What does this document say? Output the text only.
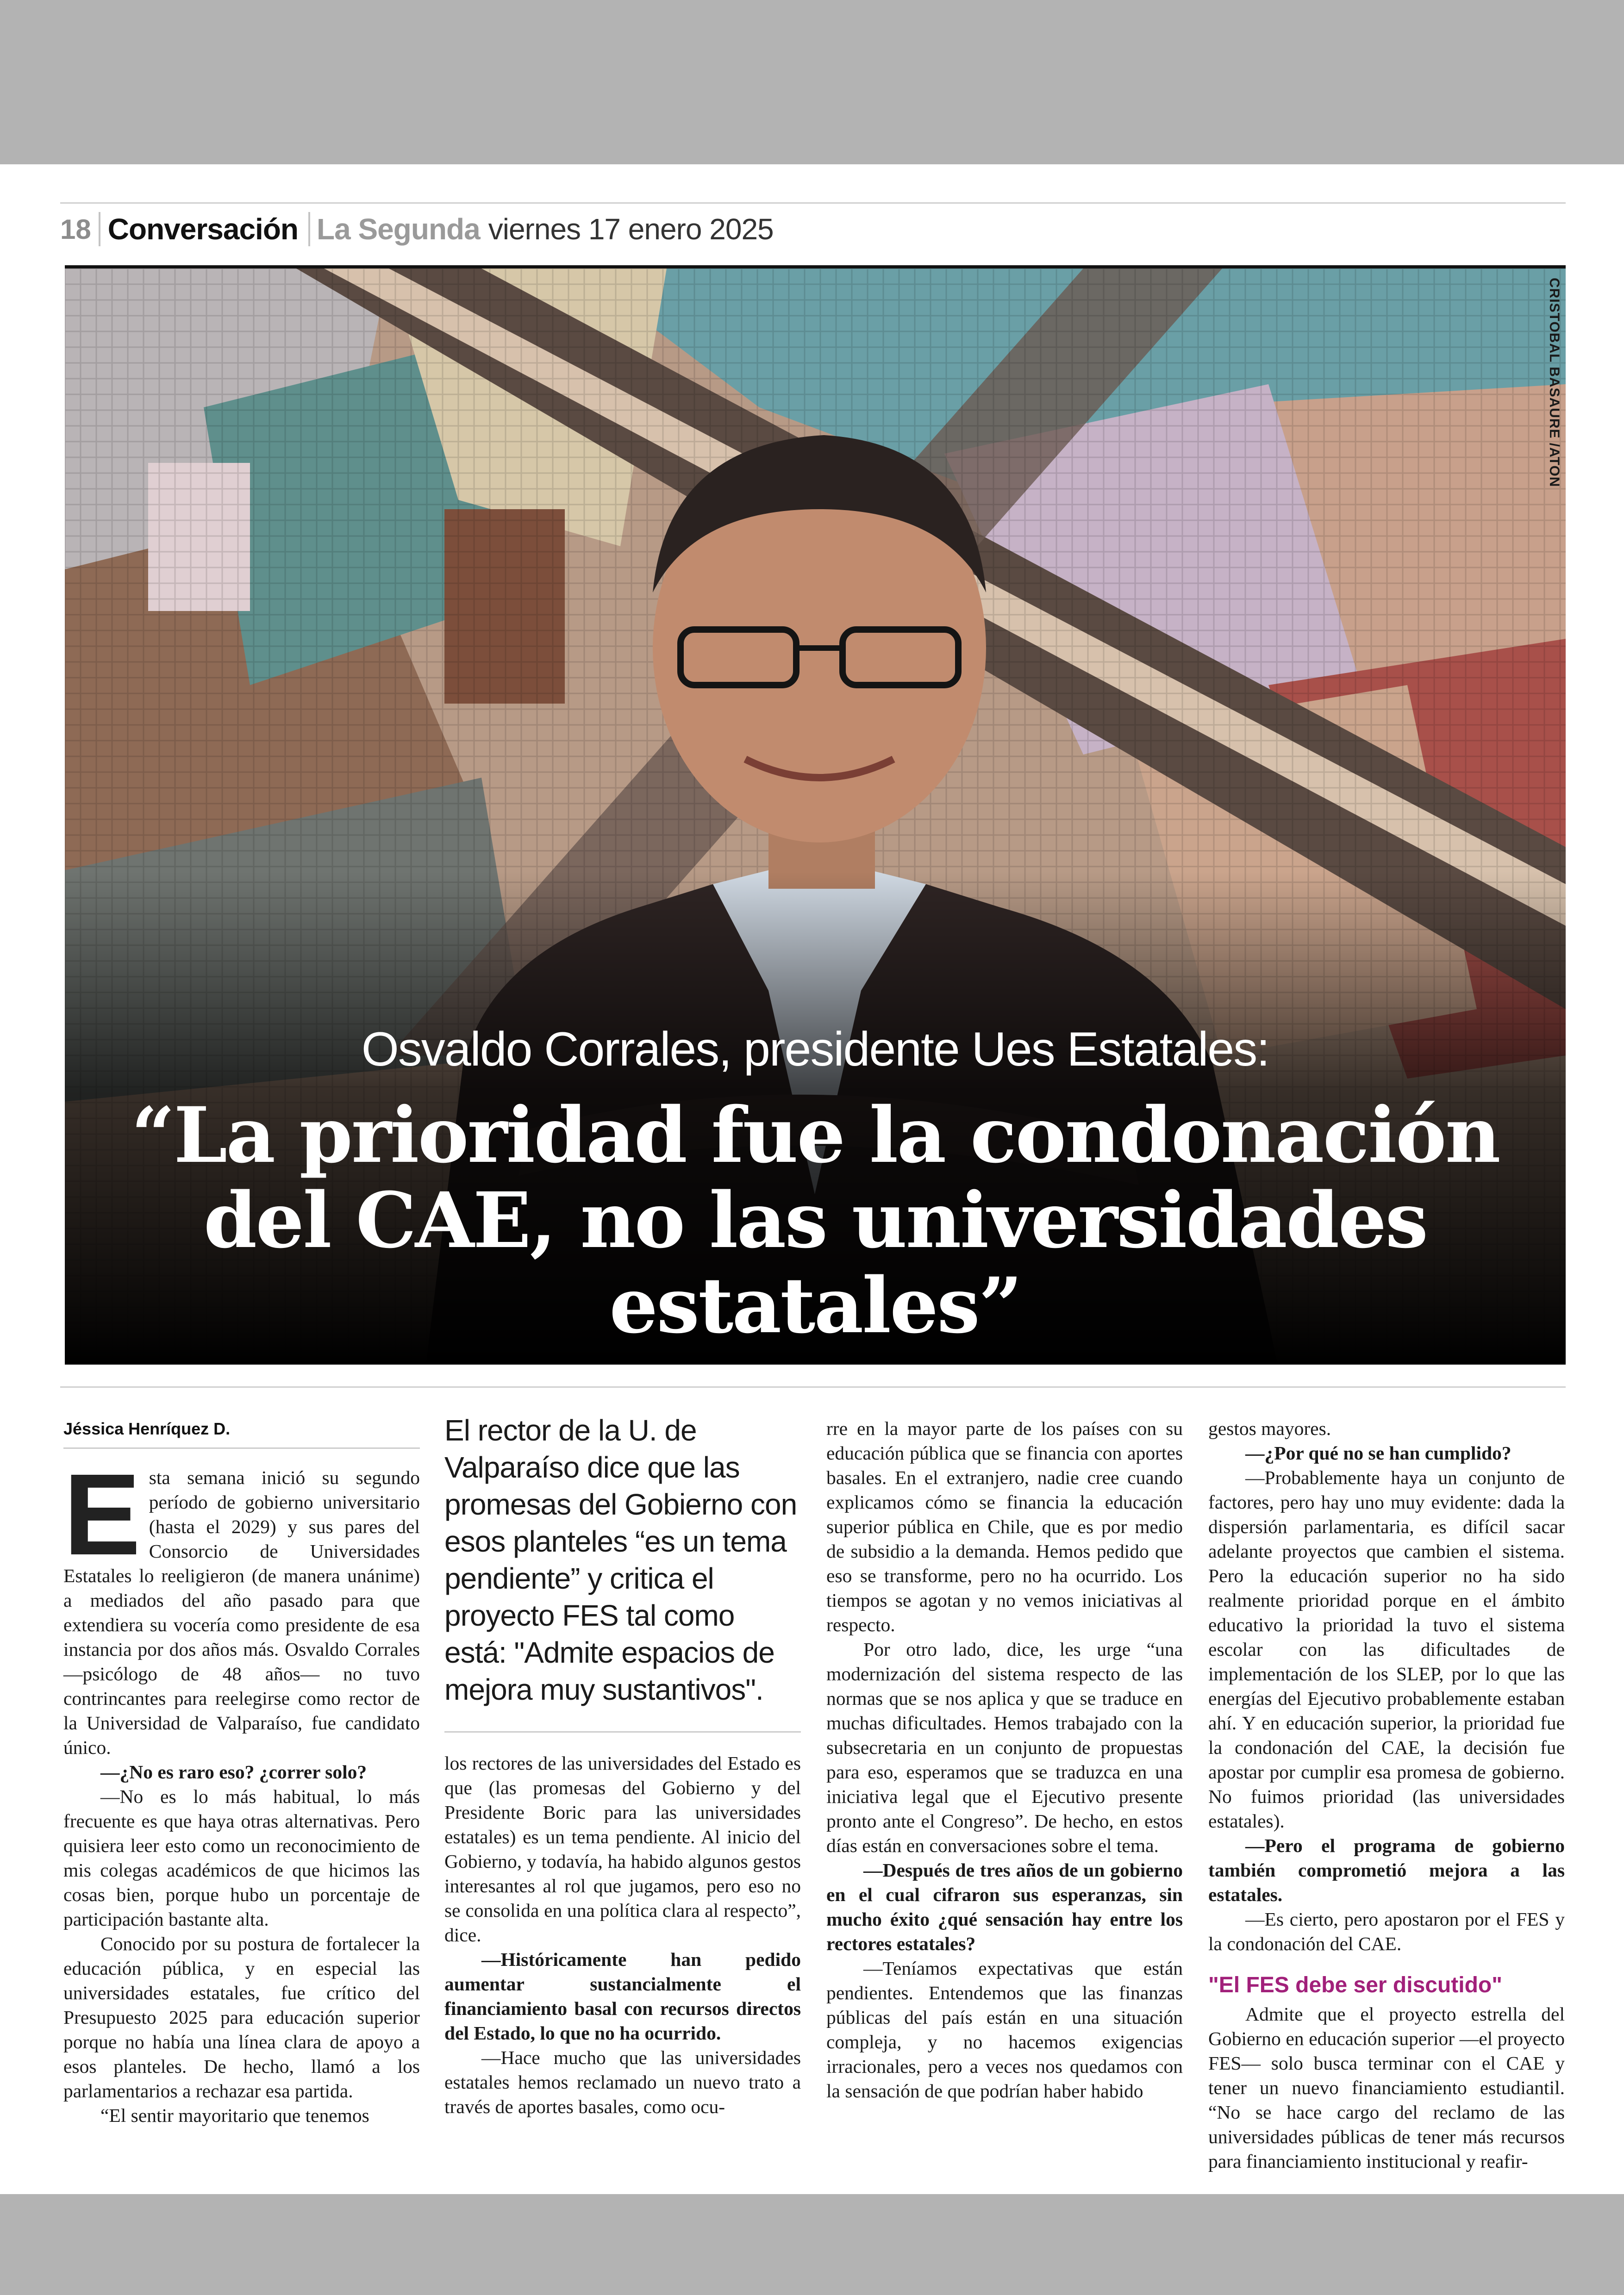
18 Conversación La Segunda viernes 17 enero 2025
CRISTOBAL BASAURE /ATON
Osvaldo Corrales, presidente Ues Estatales:
“La prioridad fue la condonación del CAE, no las universidades estatales”
Jéssica Henríquez D.

Esta semana inició su segundo período de gobierno universitario (hasta el 2029) y sus pares del Consorcio de Universidades Estatales lo reeligieron (de manera unánime) a mediados del año pasado para que extendiera su vocería como presidente de esa instancia por dos años más. Osvaldo Corrales —psicólogo de 48 años— no tuvo contrincantes para reelegirse como rector de la Universidad de Valparaíso, fue candidato único.

—¿No es raro eso? ¿correr solo?

—No es lo más habitual, lo más frecuente es que haya otras alternativas. Pero quisiera leer esto como un reconocimiento de mis colegas académicos de que hicimos las cosas bien, porque hubo un porcentaje de participación bastante alta.

Conocido por su postura de fortalecer la educación pública, y en especial las universidades estatales, fue crítico del Presupuesto 2025 para educación superior porque no había una línea clara de apoyo a esos planteles. De hecho, llamó a los parlamentarios a rechazar esa partida.

“El sentir mayoritario que tenemos

El rector de la U. de Valparaíso dice que las promesas del Gobierno con esos planteles “es un tema pendiente” y critica el proyecto FES tal como está: "Admite espacios de mejora muy sustantivos".

los rectores de las universidades del Estado es que (las promesas del Gobierno y del Presidente Boric para las universidades estatales) es un tema pendiente. Al inicio del Gobierno, y todavía, ha habido algunos gestos interesantes al rol que jugamos, pero eso no se consolida en una política clara al respecto”, dice.

—Históricamente han pedido aumentar sustancialmente el financiamiento basal con recursos directos del Estado, lo que no ha ocurrido.

—Hace mucho que las universidades estatales hemos reclamado un nuevo trato a través de aportes basales, como ocu-

rre en la mayor parte de los países con su educación pública que se financia con aportes basales. En el extranjero, nadie cree cuando explicamos cómo se financia la educación superior pública en Chile, que es por medio de subsidio a la demanda. Hemos pedido que eso se transforme, pero no ha ocurrido. Los tiempos se agotan y no vemos iniciativas al respecto.

Por otro lado, dice, les urge “una modernización del sistema respecto de las normas que se nos aplica y que se traduce en muchas dificultades. Hemos trabajado con la subsecretaria en un conjunto de propuestas para eso, esperamos que se traduzca en una iniciativa legal que el Ejecutivo presente pronto ante el Congreso”. De hecho, en estos días están en conversaciones sobre el tema.

—Después de tres años de un gobierno en el cual cifraron sus esperanzas, sin mucho éxito ¿qué sensación hay entre los rectores estatales?

—Teníamos expectativas que están pendientes. Entendemos que las finanzas públicas del país están en una situación compleja, y no hacemos exigencias irracionales, pero a veces nos quedamos con la sensación de que podrían haber habido

gestos mayores.

—¿Por qué no se han cumplido?

—Probablemente haya un conjunto de factores, pero hay uno muy evidente: dada la dispersión parlamentaria, es difícil sacar adelante proyectos que cambien el sistema. Pero la educación superior no ha sido realmente prioridad porque en el ámbito educativo la prioridad la tuvo el sistema escolar con las dificultades de implementación de los SLEP, por lo que las energías del Ejecutivo probablemente estaban ahí. Y en educación superior, la prioridad fue la condonación del CAE, la decisión fue apostar por cumplir esa promesa de gobierno. No fuimos prioridad (las universidades estatales).

—Pero el programa de gobierno también comprometió mejora a las estatales.

—Es cierto, pero apostaron por el FES y la condonación del CAE.

"El FES debe ser discutido"

Admite que el proyecto estrella del Gobierno en educación superior —el proyecto FES— solo busca terminar con el CAE y tener un nuevo financiamiento estudiantil. “No se hace cargo del reclamo de las universidades públicas de tener más recursos para financiamiento institucional y reafir-
